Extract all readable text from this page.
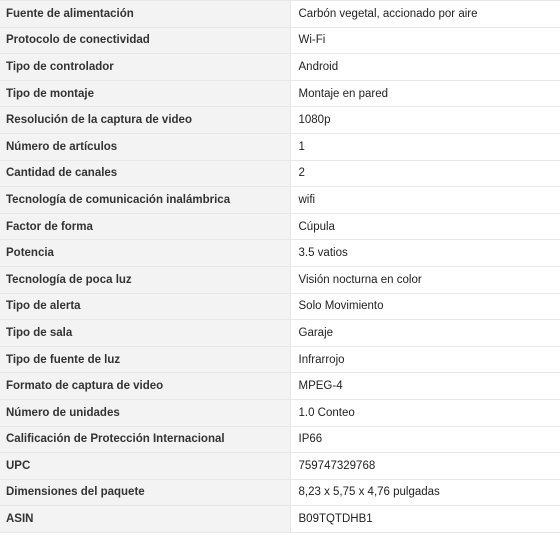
Fuente de alimentación	Carbón vegetal, accionado por aire
Protocolo de conectividad	Wi-Fi
Tipo de controlador	Android
Tipo de montaje	Montaje en pared
Resolución de la captura de video	1080p
Número de artículos	1
Cantidad de canales	2
Tecnología de comunicación inalámbrica	wifi
Factor de forma	Cúpula
Potencia	3.5 vatios
Tecnología de poca luz	Visión nocturna en color
Tipo de alerta	Solo Movimiento
Tipo de sala	Garaje
Tipo de fuente de luz	Infrarrojo
Formato de captura de video	MPEG-4
Número de unidades	1.0 Conteo
Calificación de Protección Internacional	IP66
UPC	759747329768
Dimensiones del paquete	8,23 x 5,75 x 4,76 pulgadas
ASIN	B09TQTDHB1
